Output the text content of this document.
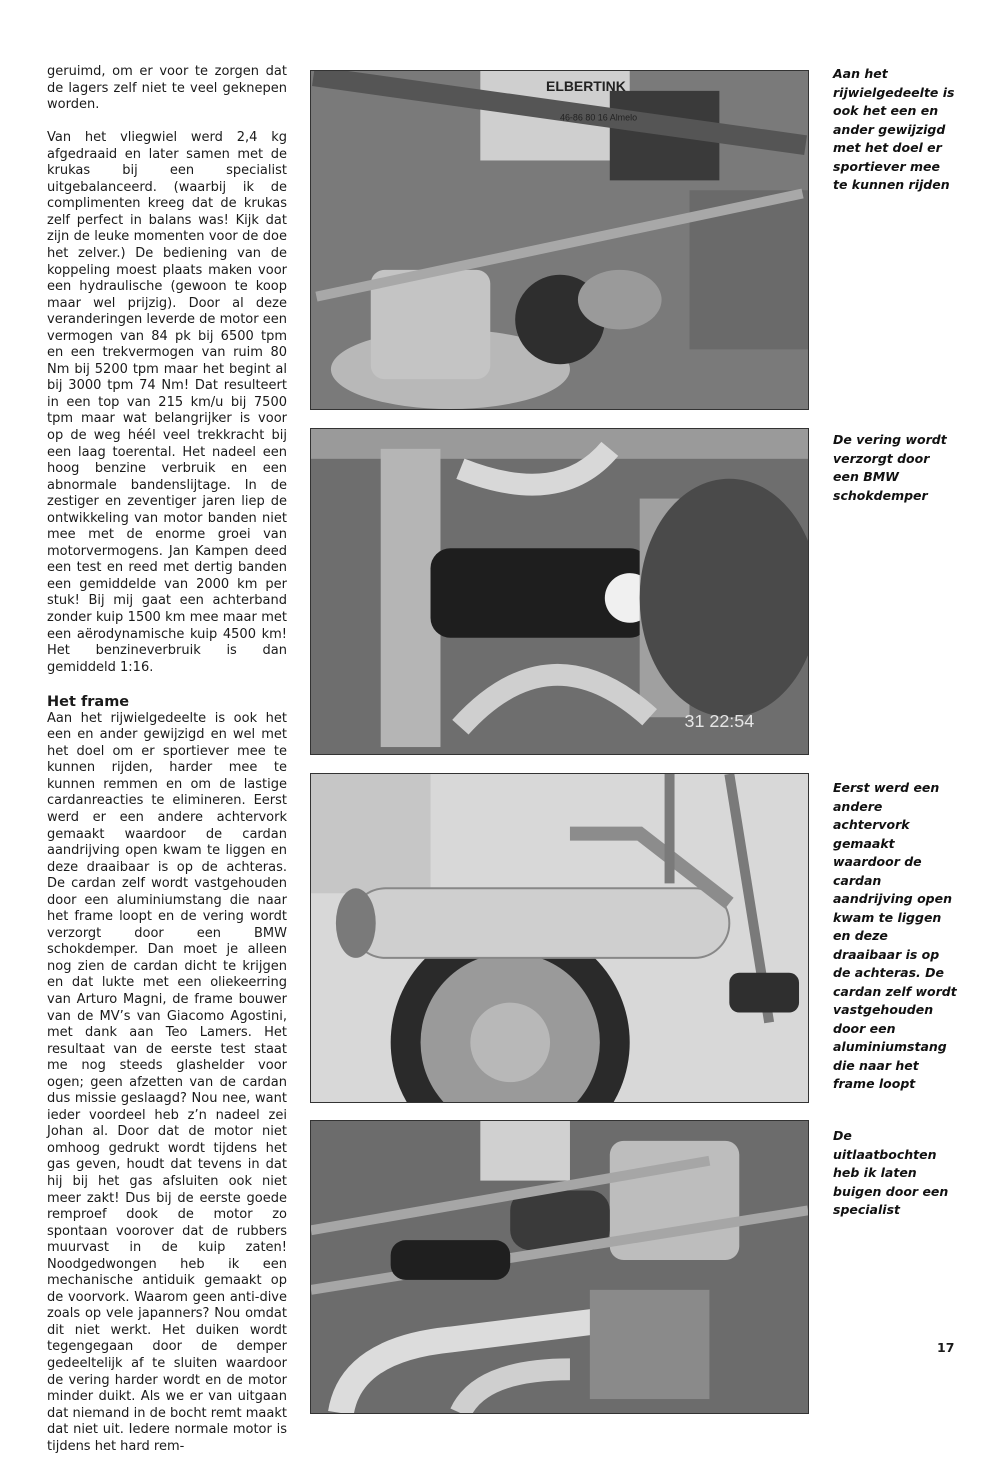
geruimd, om er voor te zorgen dat de lagers zelf niet te veel geknepen worden.

Van het vliegwiel werd 2,4 kg afgedraaid en later samen met de krukas bij een specialist uitgebalanceerd. (waarbij ik de complimenten kreeg dat de krukas zelf perfect in balans was! Kijk dat zijn de leuke momenten voor de doe het zelver.) De bediening van de koppeling moest plaats maken voor een hydraulische (gewoon te koop maar wel prijzig). Door al deze veranderingen leverde de motor een vermogen van 84 pk bij 6500 tpm en een trekvermogen van ruim 80 Nm bij 5200 tpm maar het begint al bij 3000 tpm 74 Nm! Dat resulteert in een top van 215 km/u bij 7500 tpm maar wat belangrijker is voor op de weg héél veel trekkracht bij een laag toerental. Het nadeel een hoog benzine verbruik en een abnormale bandenslijtage. In de zestiger en zeventiger jaren liep de ontwikkeling van motor banden niet mee met de enorme groei van motorvermogens. Jan Kampen deed een test en reed met dertig banden een gemiddelde van 2000 km per stuk! Bij mij gaat een achterband zonder kuip 1500 km mee maar met een aërodynamische kuip 4500 km! Het benzineverbruik is dan gemiddeld 1:16.

Het frame

Aan het rijwielgedeelte is ook het een en ander gewijzigd en wel met het doel om er sportiever mee te kunnen rijden, harder mee te kunnen remmen en om de lastige cardanreacties te elimineren. Eerst werd er een andere achtervork gemaakt waardoor de cardan aandrijving open kwam te liggen en deze draaibaar is op de achteras. De cardan zelf wordt vastgehouden door een aluminiumstang die naar het frame loopt en de vering wordt verzorgt door een BMW schokdemper. Dan moet je alleen nog zien de cardan dicht te krijgen en dat lukte met een oliekeerring van Arturo Magni, de frame bouwer van de MV’s van Giacomo Agostini, met dank aan Teo Lamers. Het resultaat van de eerste test staat me nog steeds glashelder voor ogen; geen afzetten van de cardan dus missie geslaagd? Nou nee, want ieder voordeel heb z’n nadeel zei Johan al. Door dat de motor niet omhoog gedrukt wordt tijdens het gas geven, houdt dat tevens in dat hij bij het gas afsluiten ook niet meer zakt! Dus bij de eerste goede remproef dook de motor zo spontaan voorover dat de rubbers muurvast in de kuip zaten! Noodgedwongen heb ik een mechanische antiduik gemaakt op de voorvork. Waarom geen anti-dive zoals op vele japanners? Nou omdat dit niet werkt. Het duiken wordt tegengegaan door de demper gedeeltelijk af te sluiten waardoor de vering harder wordt en de motor minder duikt. Als we er van uitgaan dat niemand in de bocht remt maakt dat niet uit. Iedere normale motor is tijdens het hard rem-

ELBERTINK
46-86 80 16 Almelo
31 22:54
Aan het rijwielgedeelte is ook het een en ander gewijzigd met het doel er sportiever mee te kunnen rijden
De vering wordt verzorgt door een BMW schokdemper
Eerst werd een andere achtervork gemaakt waardoor de cardan aandrijving open kwam te liggen en deze draaibaar is op de achteras. De cardan zelf wordt vastgehouden door een aluminiumstang die naar het frame loopt
De uitlaatbochten heb ik laten buigen door een specialist
17
